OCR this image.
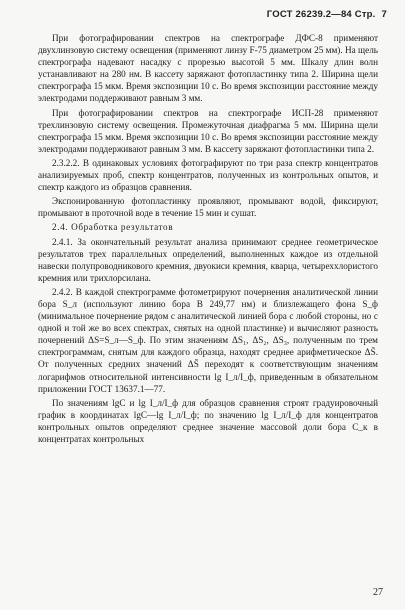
ГОСТ 26239.2—84 Стр. 7

При фотографировании спектров на спектрографе ДФС-8 применяют двухлинзовую систему освещения (применяют линзу F-75 диаметром 25 мм). На щель спектрографа надевают насадку с прорезью высотой 5 мм. Шкалу длин волн устанавливают на 280 нм. В кассету заряжают фотопластинку типа 2. Ширина щели спектрографа 15 мкм. Время экспозиции 10 с. Во время экспозиции расстояние между электродами поддерживают равным 3 мм.

При фотографировании спектров на спектрографе ИСП-28 применяют трехлинзовую систему освещения. Промежуточная диафрагма 5 мм. Ширина щели спектрографа 15 мкм. Время экспозиции 10 с. Во время экспозиции расстояние между электродами поддерживают равным 3 мм. В кассету заряжают фотопластинки типа 2.

2.3.2.2. В одинаковых условиях фотографируют по три раза спектр концентратов анализируемых проб, спектр концентратов, полученных из контрольных опытов, и спектр каждого из образцов сравнения.

Экспонированную фотопластинку проявляют, промывают водой, фиксируют, промывают в проточной воде в течение 15 мин и сушат.

2.4. Обработка результатов

2.4.1. За окончательный результат анализа принимают среднее геометрическое результатов трех параллельных определений, выполненных каждое из отдельной навески полупроводникового кремния, двуокиси кремния, кварца, четыреххлористого кремния или трихлорсилана.

2.4.2. В каждой спектрограмме фотометрируют почернения аналитической линии бора S_л (используют линию бора В 249,77 нм) и близлежащего фона S_ф (минимальное почернение рядом с аналитической линией бора с любой стороны, но с одной и той же во всех спектрах, снятых на одной пластинке) и вычисляют разность почернений ΔS=S_л—S_ф. По этим значениям ΔS₁, ΔS₂, ΔS₃, полученным по трем спектрограммам, снятым для каждого образца, находят среднее арифметическое ΔS̄. От полученных средних значений ΔS̄ переходят к соответствующим значениям логарифмов относительной интенсивности lg I_л/I_ф, приведенным в обязательном приложении ГОСТ 13637.1—77.

По значениям lgC и lg I_л/I_ф для образцов сравнения строят градуировочный график в координатах lgC—lg I_л/I_ф; по значению lg I_л/I_ф для концентратов контрольных опытов определяют среднее значение массовой доли бора C_к в концентратах контрольных

27
